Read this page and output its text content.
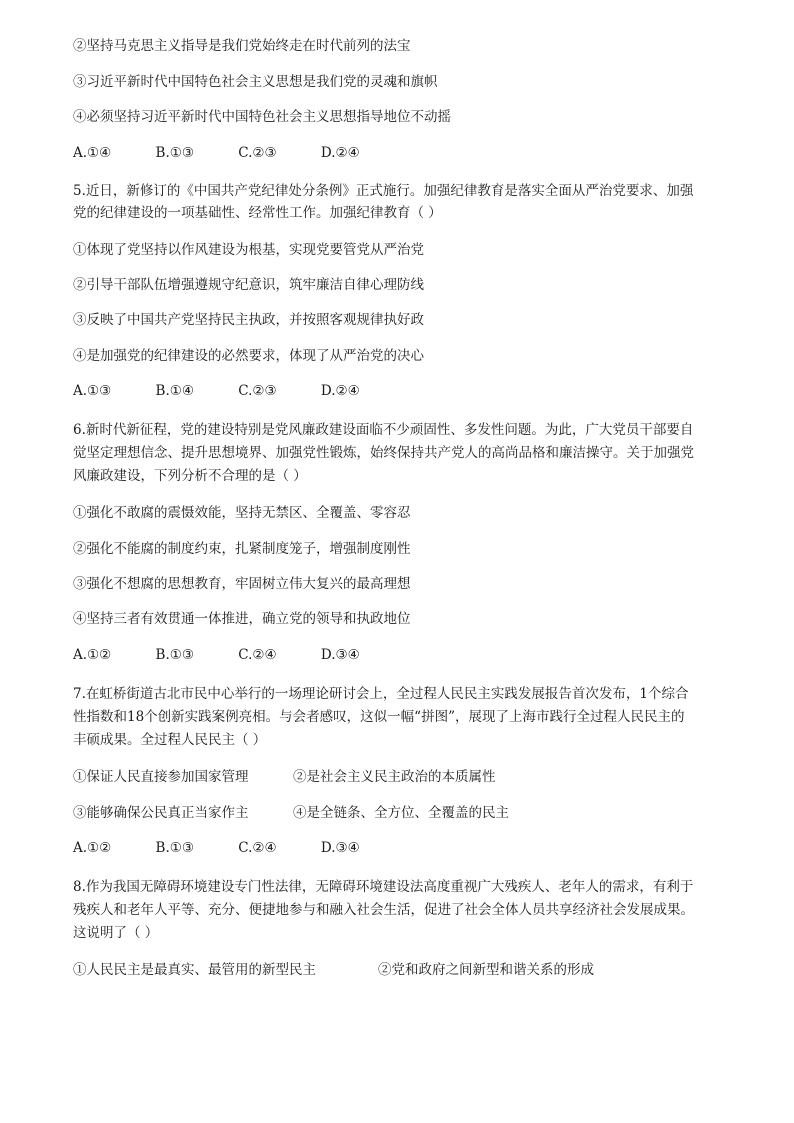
②坚持马克思主义指导是我们党始终走在时代前列的法宝
③习近平新时代中国特色社会主义思想是我们党的灵魂和旗帜
④必须坚持习近平新时代中国特色社会主义思想指导地位不动摇
A.①④	B.①③	C.②③	D.②④
5.近日，新修订的《中国共产党纪律处分条例》正式施行。加强纪律教育是落实全面从严治党要求、加强
党的纪律建设的一项基础性、经常性工作。加强纪律教育（ ）
①体现了党坚持以作风建设为根基，实现党要管党从严治党
②引导干部队伍增强遵规守纪意识，筑牢廉洁自律心理防线
③反映了中国共产党坚持民主执政，并按照客观规律执好政
④是加强党的纪律建设的必然要求，体现了从严治党的决心
A.①③	B.①④	C.②③	D.②④
6.新时代新征程，党的建设特别是党风廉政建设面临不少顽固性、多发性问题。为此，广大党员干部要自
觉坚定理想信念、提升思想境界、加强党性锻炼，始终保持共产党人的高尚品格和廉洁操守。关于加强党
风廉政建设，下列分析不合理的是（ ）
①强化不敢腐的震慑效能，坚持无禁区、全覆盖、零容忍
②强化不能腐的制度约束，扎紧制度笼子，增强制度刚性
③强化不想腐的思想教育，牢固树立伟大复兴的最高理想
④坚持三者有效贯通一体推进，确立党的领导和执政地位
A.①②	B.①③	C.②④	D.③④
7.在虹桥街道古北市民中心举行的一场理论研讨会上，全过程人民民主实践发展报告首次发布，1个综合
性指数和18个创新实践案例亮相。与会者感叹，这似一幅“拼图”，展现了上海市践行全过程人民民主的
丰硕成果。全过程人民民主（ ）
①保证人民直接参加国家管理	②是社会主义民主政治的本质属性
③能够确保公民真正当家作主	④是全链条、全方位、全覆盖的民主
A.①②	B.①③	C.②④	D.③④
8.作为我国无障碍环境建设专门性法律，无障碍环境建设法高度重视广大残疾人、老年人的需求，有利于
残疾人和老年人平等、充分、便捷地参与和融入社会生活，促进了社会全体人员共享经济社会发展成果。
这说明了（ ）
①人民民主是最真实、最管用的新型民主	②党和政府之间新型和谐关系的形成
